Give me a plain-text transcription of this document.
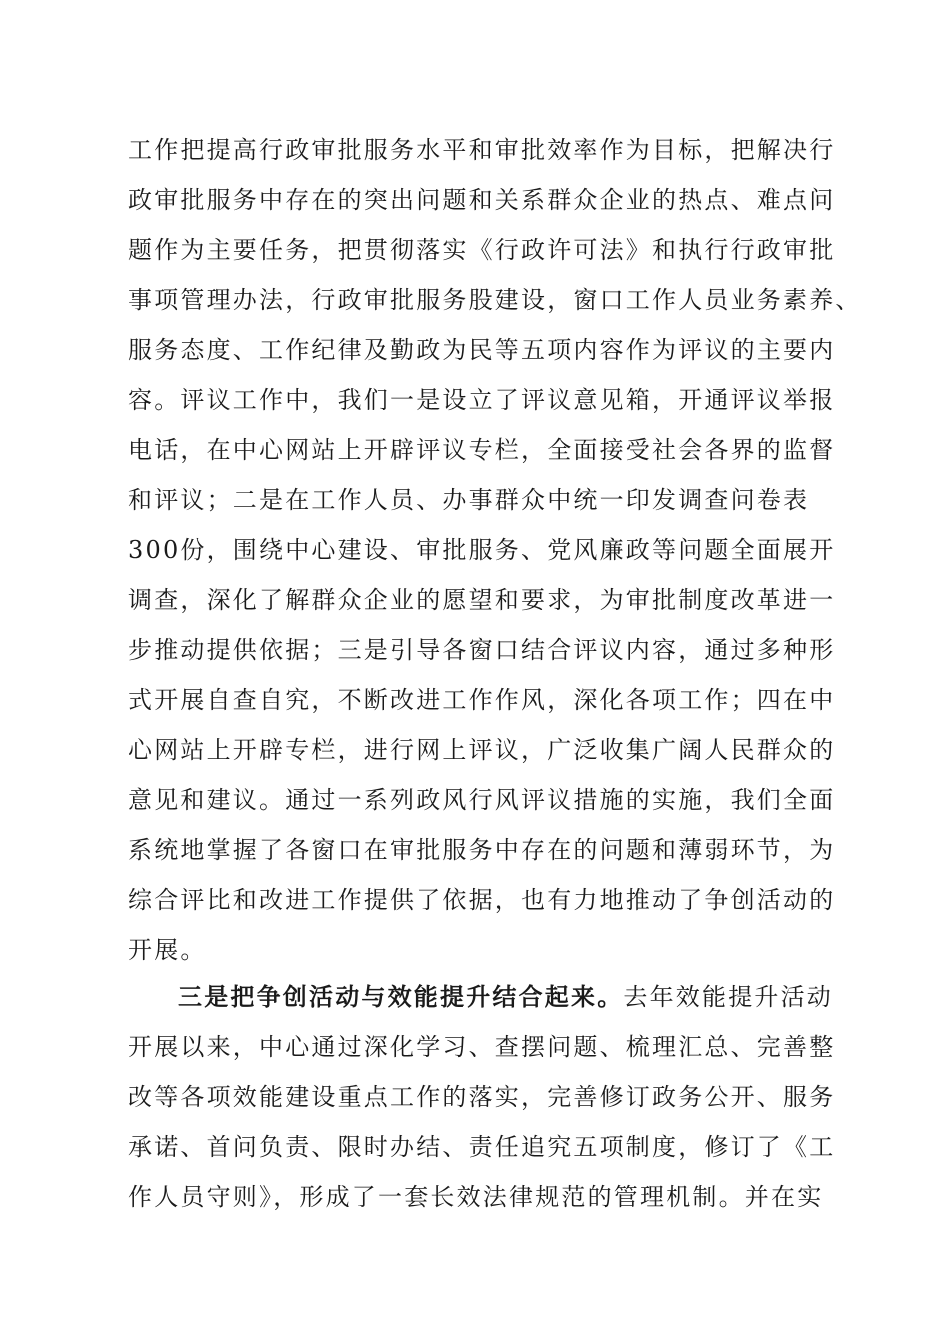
工作把提高行政审批服务水平和审批效率作为目标，把解决行
政审批服务中存在的突出问题和关系群众企业的热点、难点问
题作为主要任务，把贯彻落实《行政许可法》和执行行政审批
事项管理办法，行政审批服务股建设，窗口工作人员业务素养、
服务态度、工作纪律及勤政为民等五项内容作为评议的主要内
容。评议工作中，我们一是设立了评议意见箱，开通评议举报
电话，在中心网站上开辟评议专栏，全面接受社会各界的监督
和评议；二是在工作人员、办事群众中统一印发调查问卷表
300份，围绕中心建设、审批服务、党风廉政等问题全面展开
调查，深化了解群众企业的愿望和要求，为审批制度改革进一
步推动提供依据；三是引导各窗口结合评议内容，通过多种形
式开展自查自究，不断改进工作作风，深化各项工作；四在中
心网站上开辟专栏，进行网上评议，广泛收集广阔人民群众的
意见和建议。通过一系列政风行风评议措施的实施，我们全面
系统地掌握了各窗口在审批服务中存在的问题和薄弱环节，为
综合评比和改进工作提供了依据，也有力地推动了争创活动的
开展。
三是把争创活动与效能提升结合起来。去年效能提升活动
开展以来，中心通过深化学习、查摆问题、梳理汇总、完善整
改等各项效能建设重点工作的落实，完善修订政务公开、服务
承诺、首问负责、限时办结、责任追究五项制度，修订了《工
作人员守则》，形成了一套长效法律规范的管理机制。并在实
